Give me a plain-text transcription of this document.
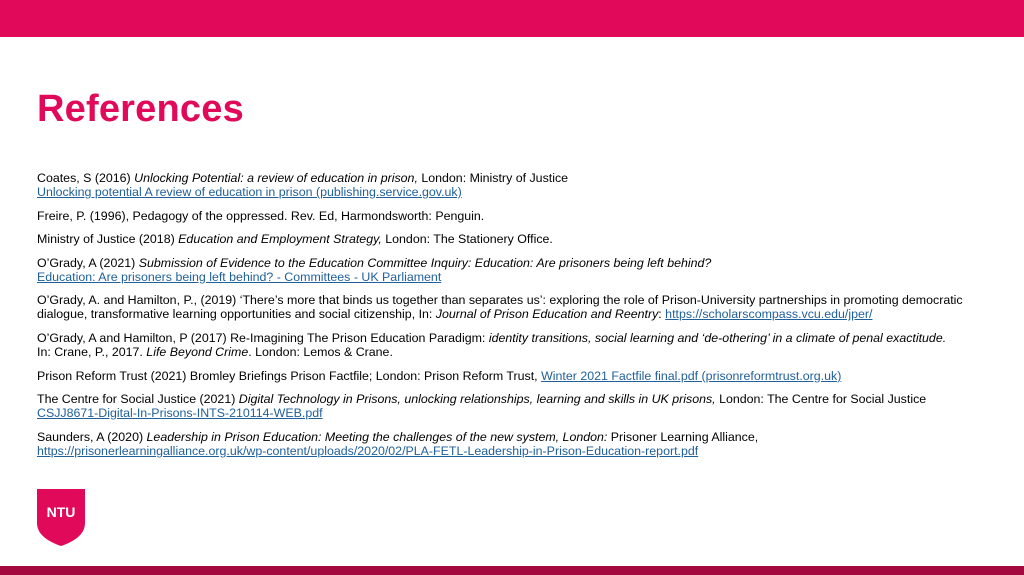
References

Coates, S (2016) Unlocking Potential: a review of education in prison, London: Ministry of Justice
Unlocking potential A review of education in prison (publishing.service.gov.uk)

Freire, P. (1996), Pedagogy of the oppressed. Rev. Ed, Harmondsworth: Penguin.

Ministry of Justice (2018) Education and Employment Strategy, London: The Stationery Office.

O’Grady, A (2021) Submission of Evidence to the Education Committee Inquiry: Education: Are prisoners being left behind?
Education: Are prisoners being left behind? - Committees - UK Parliament

O’Grady, A. and Hamilton, P., (2019) ‘There’s more that binds us together than separates us’: exploring the role of Prison-University partnerships in promoting democratic dialogue, transformative learning opportunities and social citizenship, In: Journal of Prison Education and Reentry: https://scholarscompass.vcu.edu/jper/

O’Grady, A and Hamilton, P (2017) Re-Imagining The Prison Education Paradigm: identity transitions, social learning and ‘de-othering’ in a climate of penal exactitude.
In: Crane, P., 2017. Life Beyond Crime. London: Lemos & Crane.

Prison Reform Trust (2021) Bromley Briefings Prison Factfile; London: Prison Reform Trust, Winter 2021 Factfile final.pdf (prisonreformtrust.org.uk)

The Centre for Social Justice (2021) Digital Technology in Prisons, unlocking relationships, learning and skills in UK prisons, London: The Centre for Social Justice
CSJJ8671-Digital-In-Prisons-INTS-210114-WEB.pdf

Saunders, A (2020) Leadership in Prison Education: Meeting the challenges of the new system, London: Prisoner Learning Alliance,
https://prisonerlearningalliance.org.uk/wp-content/uploads/2020/02/PLA-FETL-Leadership-in-Prison-Education-report.pdf

NTU
